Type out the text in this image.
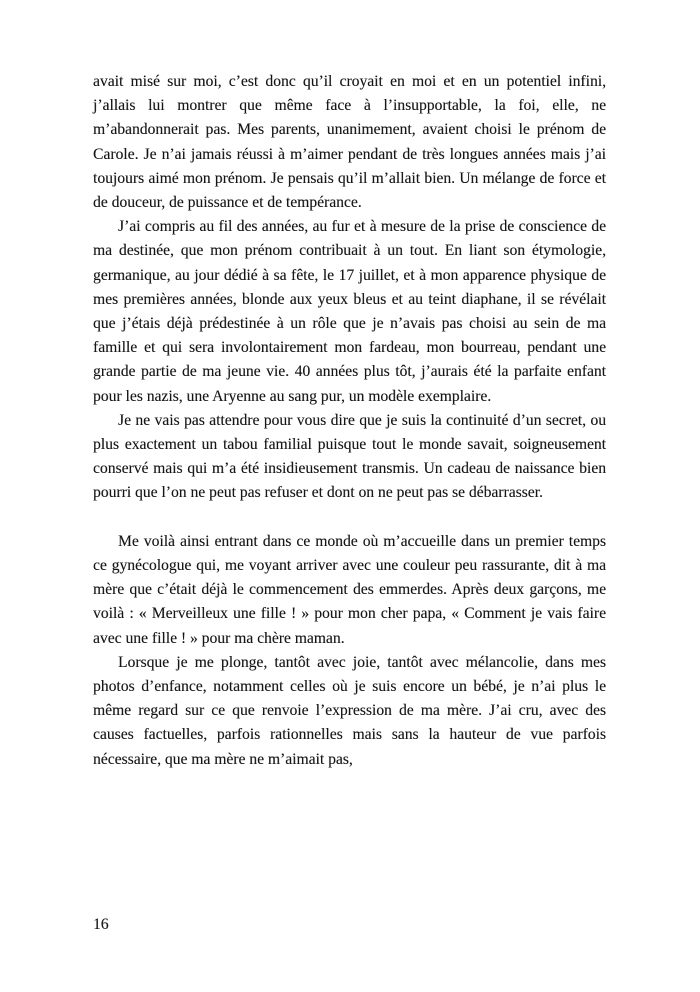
avait misé sur moi, c’est donc qu’il croyait en moi et en un potentiel infini, j’allais lui montrer que même face à l’insupportable, la foi, elle, ne m’abandonnerait pas. Mes parents, unanimement, avaient choisi le prénom de Carole. Je n’ai jamais réussi à m’aimer pendant de très longues années mais j’ai toujours aimé mon prénom. Je pensais qu’il m’allait bien. Un mélange de force et de douceur, de puissance et de tempérance.

J’ai compris au fil des années, au fur et à mesure de la prise de conscience de ma destinée, que mon prénom contribuait à un tout. En liant son étymologie, germanique, au jour dédié à sa fête, le 17 juillet, et à mon apparence physique de mes premières années, blonde aux yeux bleus et au teint diaphane, il se révélait que j’étais déjà prédestinée à un rôle que je n’avais pas choisi au sein de ma famille et qui sera involontairement mon fardeau, mon bourreau, pendant une grande partie de ma jeune vie. 40 années plus tôt, j’aurais été la parfaite enfant pour les nazis, une Aryenne au sang pur, un modèle exemplaire.

Je ne vais pas attendre pour vous dire que je suis la continuité d’un secret, ou plus exactement un tabou familial puisque tout le monde savait, soigneusement conservé mais qui m’a été insidieusement transmis. Un cadeau de naissance bien pourri que l’on ne peut pas refuser et dont on ne peut pas se débarrasser.

Me voilà ainsi entrant dans ce monde où m’accueille dans un premier temps ce gynécologue qui, me voyant arriver avec une couleur peu rassurante, dit à ma mère que c’était déjà le commencement des emmerdes. Après deux garçons, me voilà : « Merveilleux une fille ! » pour mon cher papa, « Comment je vais faire avec une fille ! » pour ma chère maman.

Lorsque je me plonge, tantôt avec joie, tantôt avec mélancolie, dans mes photos d’enfance, notamment celles où je suis encore un bébé, je n’ai plus le même regard sur ce que renvoie l’expression de ma mère. J’ai cru, avec des causes factuelles, parfois rationnelles mais sans la hauteur de vue parfois nécessaire, que ma mère ne m’aimait pas,

16
